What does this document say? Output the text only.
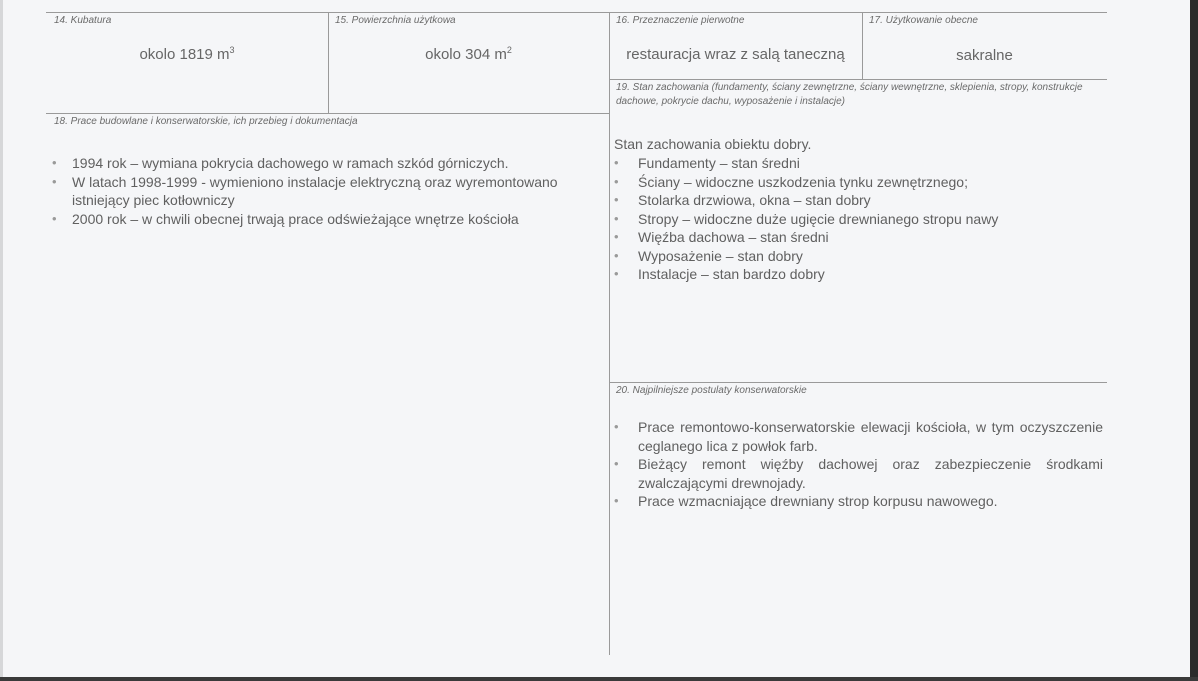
14. Kubatura
okolo 1819 $m^3$
15. Powierzchnia użytkowa
okolo 304 $m^2$
16. Przeznaczenie pierwotne
restauracja wraz z salą taneczną
17. Użytkowanie obecne
sakralne
19. Stan zachowania (fundamenty, ściany zewnętrzne, ściany wewnętrzne, sklepienia, stropy, konstrukcje dachowe, pokrycie dachu, wyposażenie i instalacje)
Stan zachowania obiektu dobry.
• Fundamenty – stan średni
• Ściany – widoczne uszkodzenia tynku zewnętrznego;
• Stolarka drzwiowa, okna – stan dobry
• Stropy – widoczne duże ugięcie drewnianego stropu nawy
• Więźba dachowa – stan średni
• Wyposażenie – stan dobry
• Instalacje – stan bardzo dobry
18. Prace budowlane i konserwatorskie, ich przebieg i dokumentacja
• 1994 rok – wymiana pokrycia dachowego w ramach szkód górniczych.
• W latach 1998-1999 - wymieniono instalacje elektryczną oraz wyremontowano istniejący piec kotłowniczy
• 2000 rok – w chwili obecnej trwają prace odświeżające wnętrze kościoła
20. Najpilniejsze postulaty konserwatorskie
• Prace remontowo-konserwatorskie elewacji kościoła, w tym oczyszczenie ceglanego lica z powłok farb.
• Bieżący remont więźby dachowej oraz zabezpieczenie środkami zwalczającymi drewnojady.
• Prace wzmacniające drewniany strop korpusu nawowego.
